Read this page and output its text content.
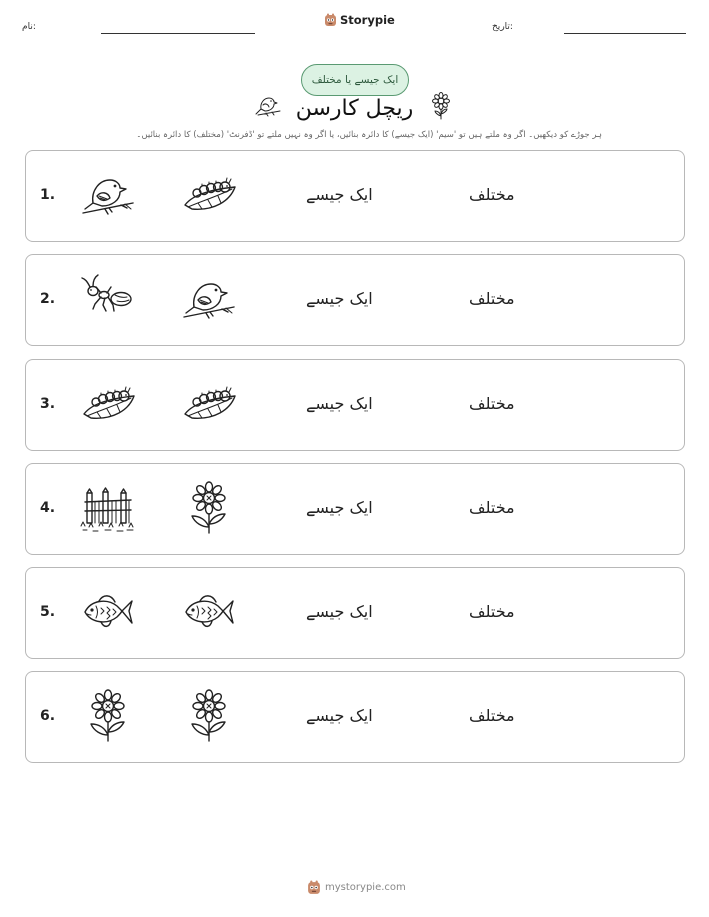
نام:	Storypie	تاریخ:
ایک جیسے یا مختلف
ریچل کارسن
ہر جوڑے کو دیکھیں۔ اگر وہ ملتے ہیں تو 'سیم' (ایک جیسے) کا دائرہ بنائیں، یا اگر وہ نہیں ملتے تو 'ڈفرنٹ' (مختلف) کا دائرہ بنائیں۔
1.	ایک جیسے	مختلف
2.	ایک جیسے	مختلف
3.	ایک جیسے	مختلف
4.	ایک جیسے	مختلف
5.	ایک جیسے	مختلف
6.	ایک جیسے	مختلف
mystorypie.com
